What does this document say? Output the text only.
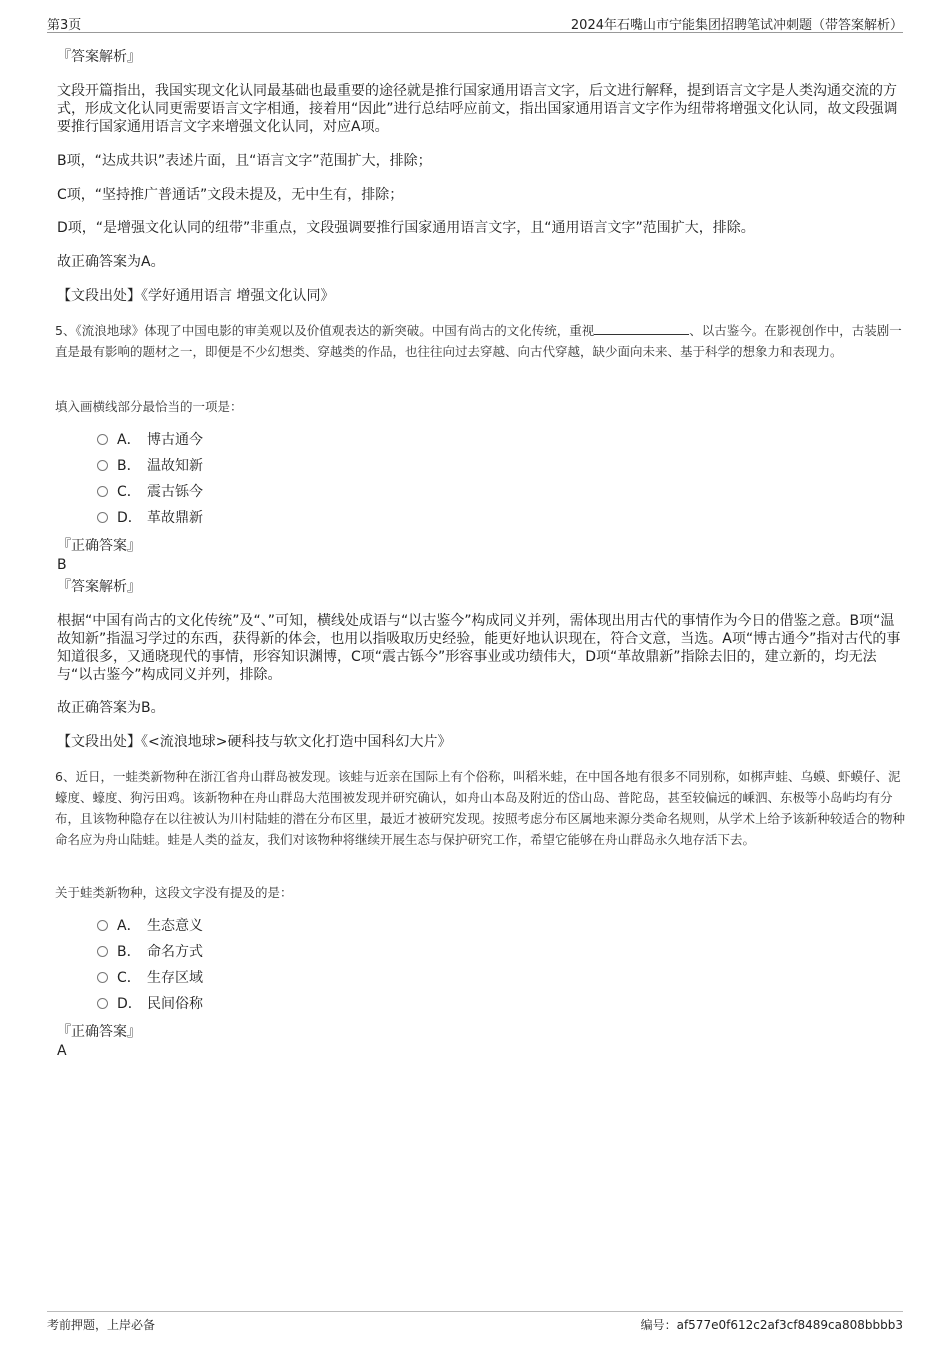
第3页	2024年石嘴山市宁能集团招聘笔试冲刺题（带答案解析）
『答案解析』

文段开篇指出，我国实现文化认同最基础也最重要的途径就是推行国家通用语言文字，后文进行解释，提到语言文字是人类沟通交流的方式，形成文化认同更需要语言文字相通，接着用“因此”进行总结呼应前文，指出国家通用语言文字作为纽带将增强文化认同，故文段强调要推行国家通用语言文字来增强文化认同，对应A项。

B项，“达成共识”表述片面，且“语言文字”范围扩大，排除；

C项，“坚持推广普通话”文段未提及，无中生有，排除；

D项，“是增强文化认同的纽带”非重点，文段强调要推行国家通用语言文字，且“通用语言文字”范围扩大，排除。

故正确答案为A。

【文段出处】《学好通用语言 增强文化认同》

5、《流浪地球》体现了中国电影的审美观以及价值观表达的新突破。中国有尚古的文化传统，重视	、以古鉴今。在影视创作中，古装剧一直是最有影响的题材之一，即便是不少幻想类、穿越类的作品，也往往向过去穿越、向古代穿越，缺少面向未来、基于科学的想象力和表现力。

填入画横线部分最恰当的一项是：

A． 博古通今
B． 温故知新
C． 震古铄今
D． 革故鼎新
『正确答案』
B
『答案解析』

根据“中国有尚古的文化传统”及“、”可知，横线处成语与“以古鉴今”构成同义并列，需体现出用古代的事情作为今日的借鉴之意。B项“温故知新”指温习学过的东西，获得新的体会，也用以指吸取历史经验，能更好地认识现在，符合文意，当选。A项“博古通今”指对古代的事知道很多，又通晓现代的事情，形容知识渊博，C项“震古铄今”形容事业或功绩伟大，D项“革故鼎新”指除去旧的，建立新的，均无法与“以古鉴今”构成同义并列，排除。

故正确答案为B。

【文段出处】《<流浪地球>硬科技与软文化打造中国科幻大片》

6、近日，一蛙类新物种在浙江省舟山群岛被发现。该蛙与近亲在国际上有个俗称，叫稻米蛙，在中国各地有很多不同别称，如梆声蛙、乌蟆、虾蟆仔、泥蠔度、蠔度、狗污田鸡。该新物种在舟山群岛大范围被发现并研究确认，如舟山本岛及附近的岱山岛、普陀岛，甚至较偏远的嵊泗、东极等小岛屿均有分布，且该物种隐存在以往被认为川村陆蛙的潜在分布区里，最近才被研究发现。按照考虑分布区属地来源分类命名规则，从学术上给予该新种较适合的物种命名应为舟山陆蛙。蛙是人类的益友，我们对该物种将继续开展生态与保护研究工作，希望它能够在舟山群岛永久地存活下去。

关于蛙类新物种，这段文字没有提及的是：

A． 生态意义
B． 命名方式
C． 生存区域
D． 民间俗称
『正确答案』
A
考前押题，上岸必备	编号：af577e0f612c2af3cf8489ca808bbbb3
